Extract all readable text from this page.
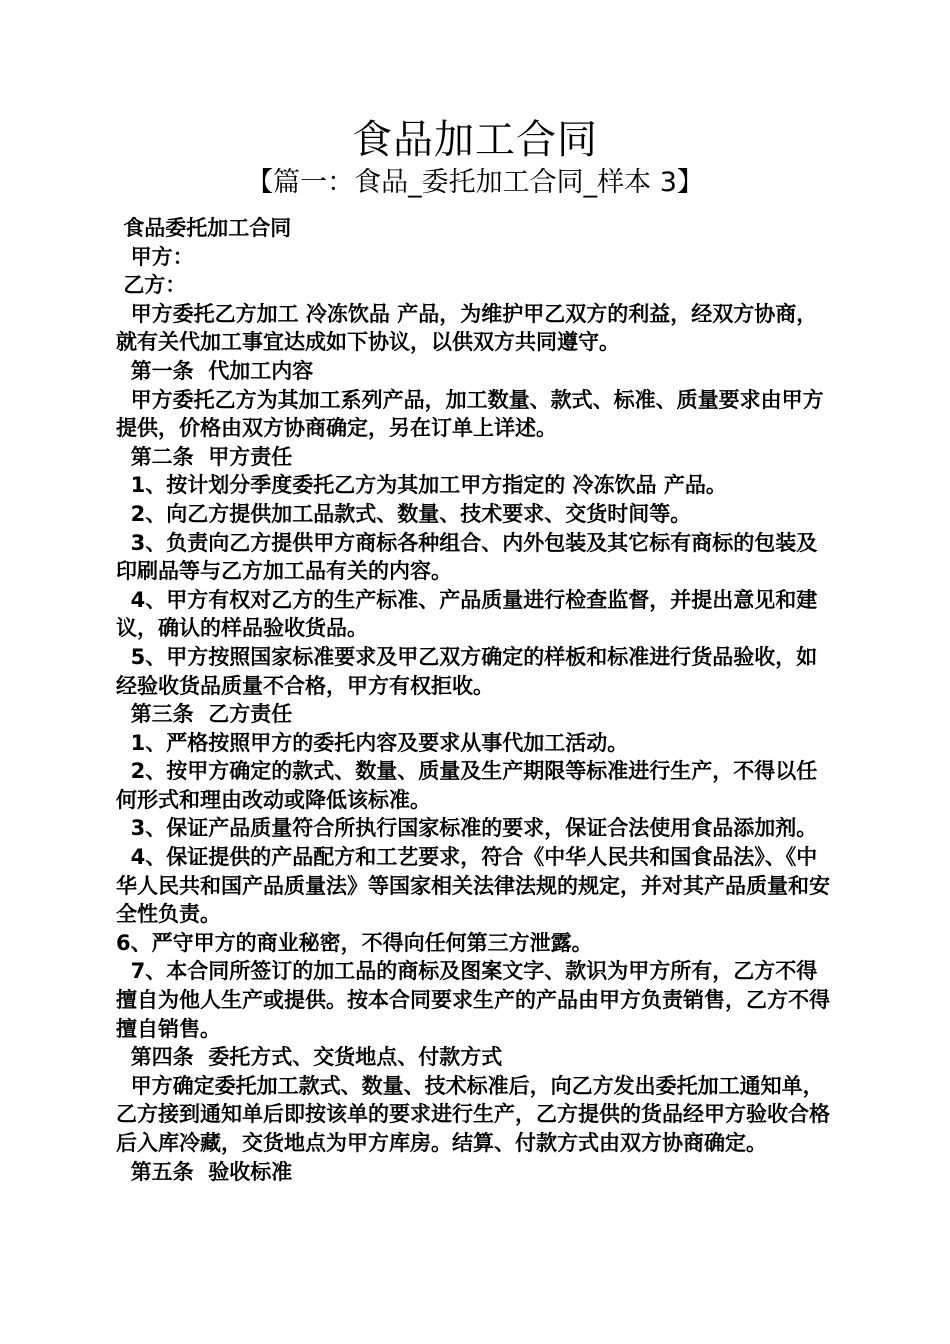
食品加工合同
【篇一：食品_委托加工合同_样本 3】

食品委托加工合同

甲方：

乙方：

甲方委托乙方加工 冷冻饮品 产品，为维护甲乙双方的利益，经双方协商，就有关代加工事宜达成如下协议，以供双方共同遵守。

第一条  代加工内容

甲方委托乙方为其加工系列产品，加工数量、款式、标准、质量要求由甲方提供，价格由双方协商确定，另在订单上详述。

第二条  甲方责任

1、按计划分季度委托乙方为其加工甲方指定的 冷冻饮品 产品。

2、向乙方提供加工品款式、数量、技术要求、交货时间等。

3、负责向乙方提供甲方商标各种组合、内外包装及其它标有商标的包装及印刷品等与乙方加工品有关的内容。

4、甲方有权对乙方的生产标准、产品质量进行检查监督，并提出意见和建议，确认的样品验收货品。

5、甲方按照国家标准要求及甲乙双方确定的样板和标准进行货品验收，如经验收货品质量不合格，甲方有权拒收。

第三条  乙方责任

1、严格按照甲方的委托内容及要求从事代加工活动。

2、按甲方确定的款式、数量、质量及生产期限等标准进行生产，不得以任何形式和理由改动或降低该标准。

3、保证产品质量符合所执行国家标准的要求，保证合法使用食品添加剂。

4、保证提供的产品配方和工艺要求，符合《中华人民共和国食品法》、《中华人民共和国产品质量法》等国家相关法律法规的规定，并对其产品质量和安全性负责。

6、严守甲方的商业秘密，不得向任何第三方泄露。

7、本合同所签订的加工品的商标及图案文字、款识为甲方所有，乙方不得擅自为他人生产或提供。按本合同要求生产的产品由甲方负责销售，乙方不得擅自销售。

第四条  委托方式、交货地点、付款方式

甲方确定委托加工款式、数量、技术标准后，向乙方发出委托加工通知单，乙方接到通知单后即按该单的要求进行生产，乙方提供的货品经甲方验收合格后入库冷藏，交货地点为甲方库房。结算、付款方式由双方协商确定。

第五条  验收标准
